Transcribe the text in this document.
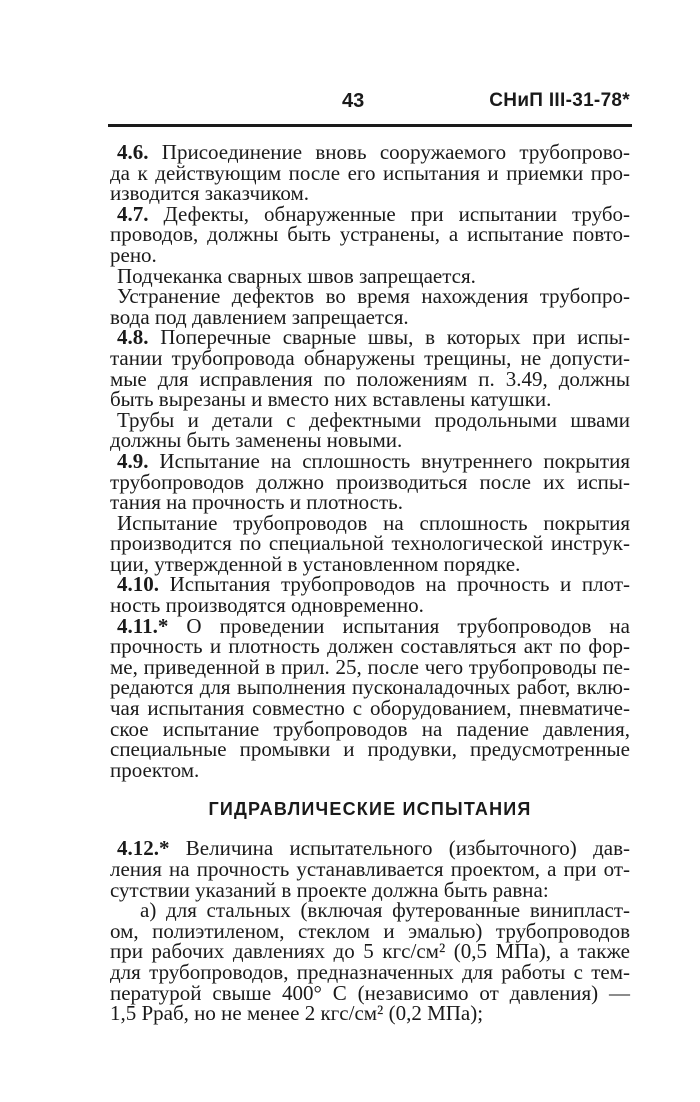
43	СНиП III-31-78*
4.6. Присоединение вновь сооружаемого трубопрово-
да к действующим после его испытания и приемки про-
изводится заказчиком.
4.7. Дефекты, обнаруженные при испытании трубо-
проводов, должны быть устранены, а испытание повто-
рено.
Подчеканка сварных швов запрещается.
Устранение дефектов во время нахождения трубопро-
вода под давлением запрещается.
4.8. Поперечные сварные швы, в которых при испы-
тании трубопровода обнаружены трещины, не допусти-
мые для исправления по положениям п. 3.49, должны
быть вырезаны и вместо них вставлены катушки.
Трубы и детали с дефектными продольными швами
должны быть заменены новыми.
4.9. Испытание на сплошность внутреннего покрытия
трубопроводов должно производиться после их испы-
тания на прочность и плотность.
Испытание трубопроводов на сплошность покрытия
производится по специальной технологической инструк-
ции, утвержденной в установленном порядке.
4.10. Испытания трубопроводов на прочность и плот-
ность производятся одновременно.
4.11.* О проведении испытания трубопроводов на
прочность и плотность должен составляться акт по фор-
ме, приведенной в прил. 25, после чего трубопроводы пе-
редаются для выполнения пусконаладочных работ, вклю-
чая испытания совместно с оборудованием, пневматиче-
ское испытание трубопроводов на падение давления,
специальные промывки и продувки, предусмотренные
проектом.
ГИДРАВЛИЧЕСКИЕ ИСПЫТАНИЯ
4.12.* Величина испытательного (избыточного) дав-
ления на прочность устанавливается проектом, а при от-
сутствии указаний в проекте должна быть равна:
а) для стальных (включая футерованные винипласт-
ом, полиэтиленом, стеклом и эмалью) трубопроводов
при рабочих давлениях до 5 кгс/см² (0,5 МПа), а также
для трубопроводов, предназначенных для работы с тем-
пературой свыше 400° С (независимо от давления) —
1,5 Pраб, но не менее 2 кгс/см² (0,2 МПа);
